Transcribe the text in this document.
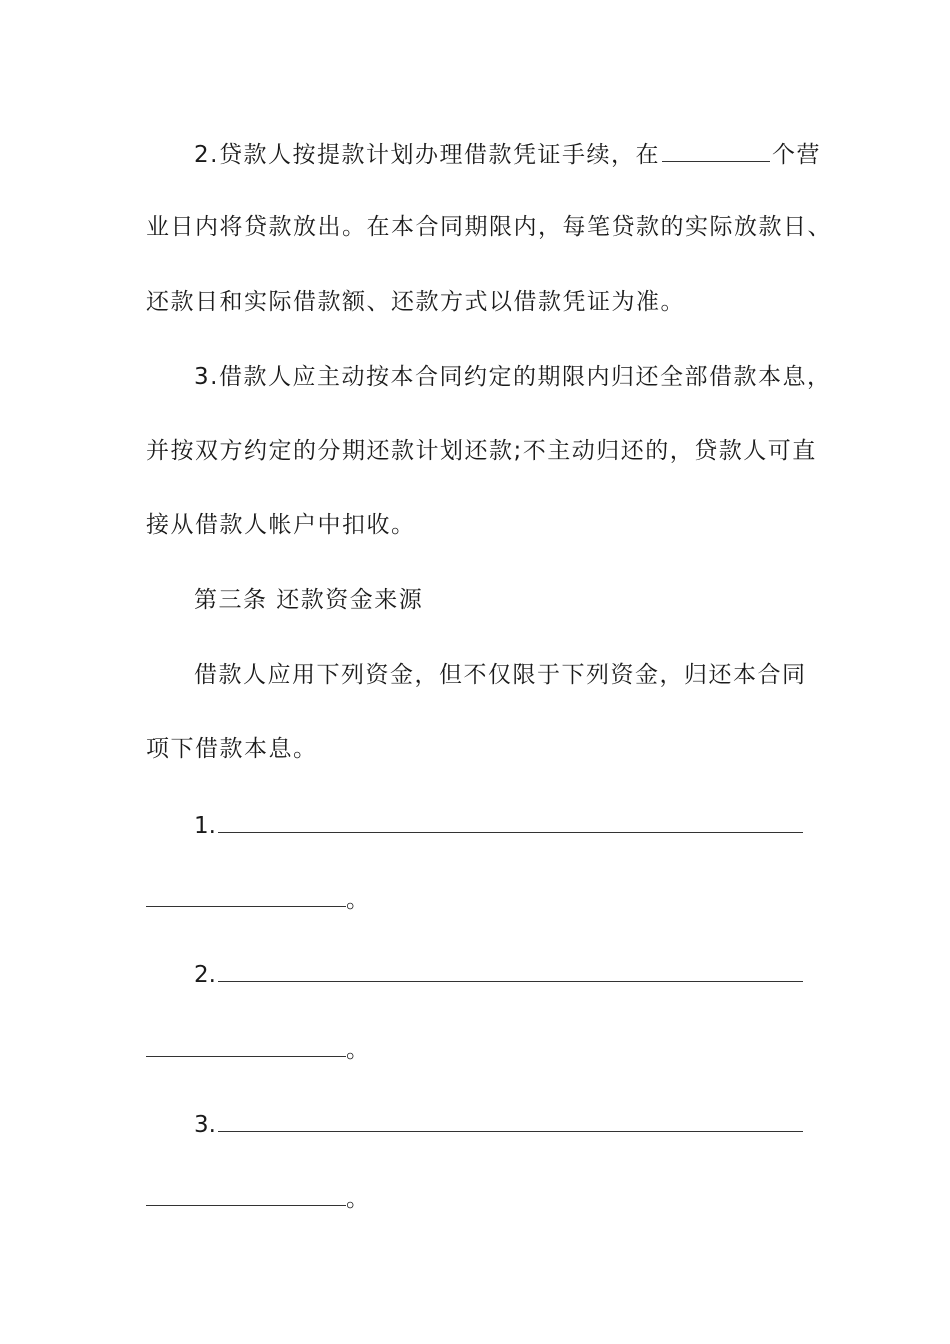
2.贷款人按提款计划办理借款凭证手续，在	个营
业日内将贷款放出。在本合同期限内，每笔贷款的实际放款日、
还款日和实际借款额、还款方式以借款凭证为准。
3.借款人应主动按本合同约定的期限内归还全部借款本息，
并按双方约定的分期还款计划还款;不主动归还的，贷款人可直
接从借款人帐户中扣收。
第三条 还款资金来源
借款人应用下列资金，但不仅限于下列资金，归还本合同
项下借款本息。
1.
。
2.
。
3.
。
